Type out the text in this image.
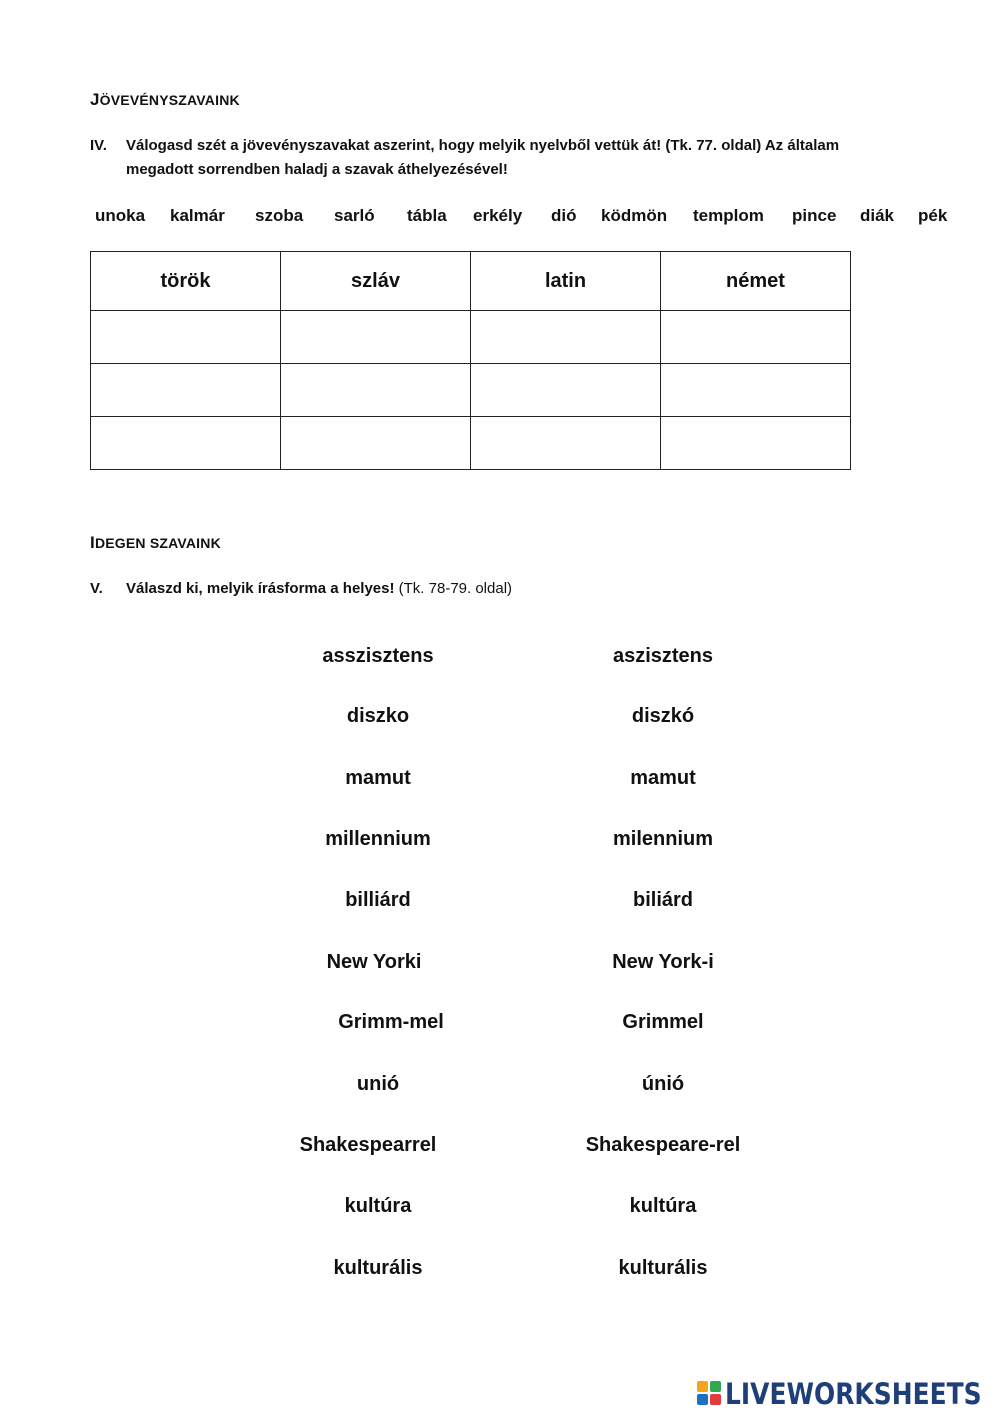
JÖVEVÉNYSZAVAINK
IV. Válogasd szét a jövevényszavakat aszerint, hogy melyik nyelvből vettük át! (Tk. 77. oldal) Az általam
megadott sorrendben haladj a szavak áthelyezésével!
unoka kalmár szoba sarló tábla erkély dió ködmön templom pince diák pék
török	szláv	latin	német

IDEGEN SZAVAINK
V. Válaszd ki, melyik írásforma a helyes! (Tk. 78-79. oldal)
asszisztens	aszisztens
diszko	diszkó
mamut	mamut
millennium	milennium
billiárd	biliárd
New Yorki	New York-i
Grimm-mel	Grimmel
unió	únió
Shakespearrel	Shakespeare-rel
kultúra	kultúra
kulturális	kulturális
LIVEWORKSHEETS
